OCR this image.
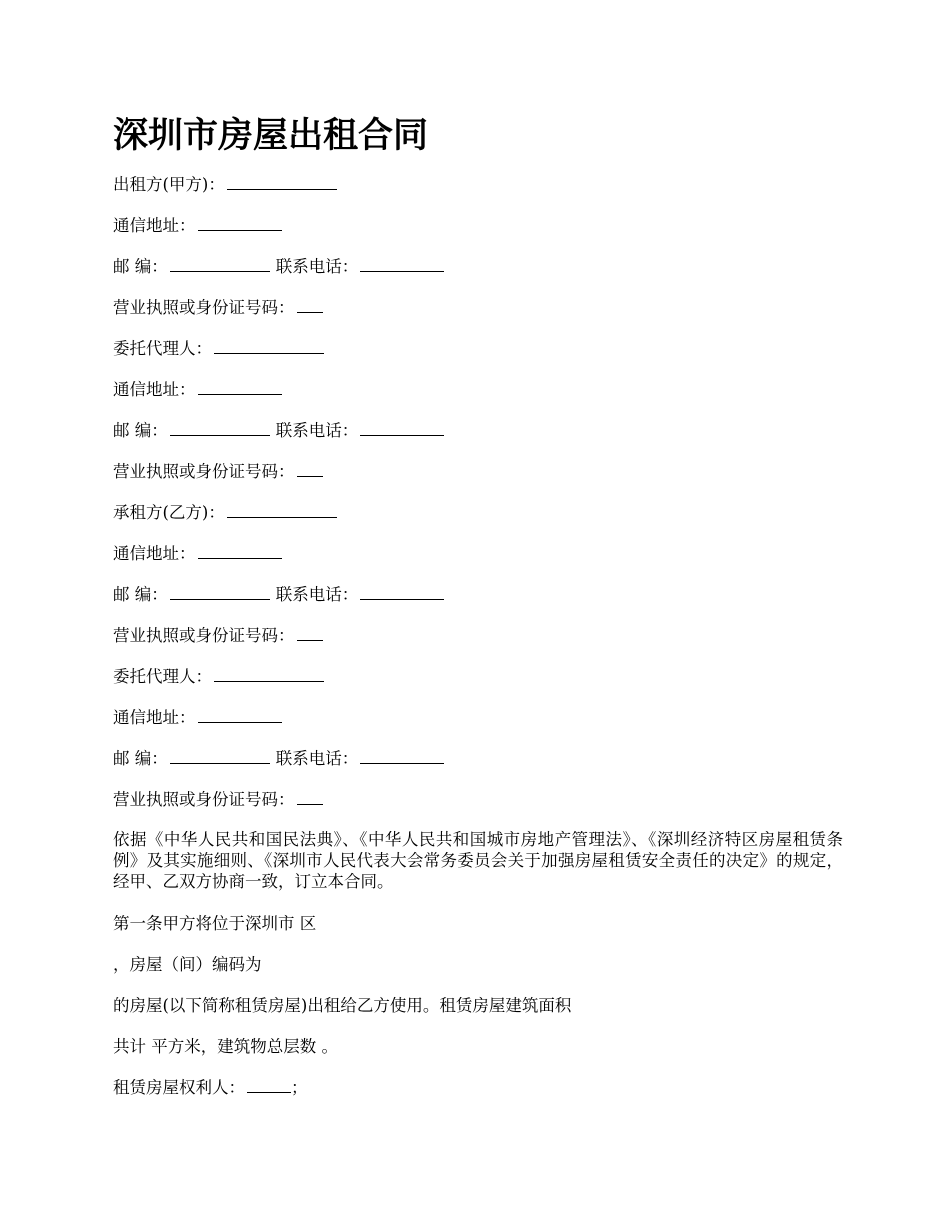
深圳市房屋出租合同
出租方(甲方)：
通信地址：
邮 编：	联系电话：
营业执照或身份证号码：
委托代理人：
通信地址：
邮 编：	联系电话：
营业执照或身份证号码：
承租方(乙方)：
通信地址：
邮 编：	联系电话：
营业执照或身份证号码：
委托代理人：
通信地址：
邮 编：	联系电话：
营业执照或身份证号码：
依据《中华人民共和国民法典》、《中华人民共和国城市房地产管理法》、《深圳经济特区房屋租赁条例》及其实施细则、《深圳市人民代表大会常务委员会关于加强房屋租赁安全责任的决定》的规定，经甲、乙双方协商一致，订立本合同。
第一条甲方将位于深圳市 区
，房屋（间）编码为
的房屋(以下简称租赁房屋)出租给乙方使用。租赁房屋建筑面积
共计 平方米，建筑物总层数 。
租赁房屋权利人：	；
